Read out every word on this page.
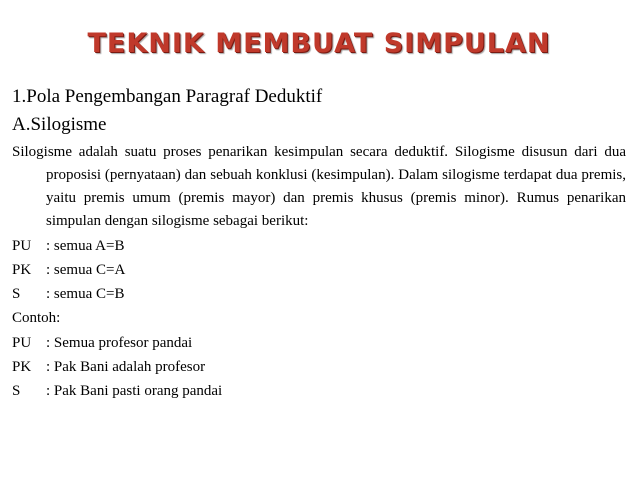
TEKNIK MEMBUAT SIMPULAN

1.Pola Pengembangan Paragraf Deduktif

A.Silogisme

Silogisme adalah suatu proses penarikan kesimpulan secara deduktif. Silogisme disusun dari dua proposisi (pernyataan) dan sebuah konklusi (kesimpulan). Dalam silogisme terdapat dua premis, yaitu premis umum (premis mayor) dan premis khusus (premis minor). Rumus penarikan simpulan dengan silogisme sebagai berikut:

PU : semua A=B
PK : semua C=A
S	: semua C=B
Contoh:
PU : Semua profesor pandai
PK : Pak Bani adalah profesor
S	: Pak Bani pasti orang pandai
